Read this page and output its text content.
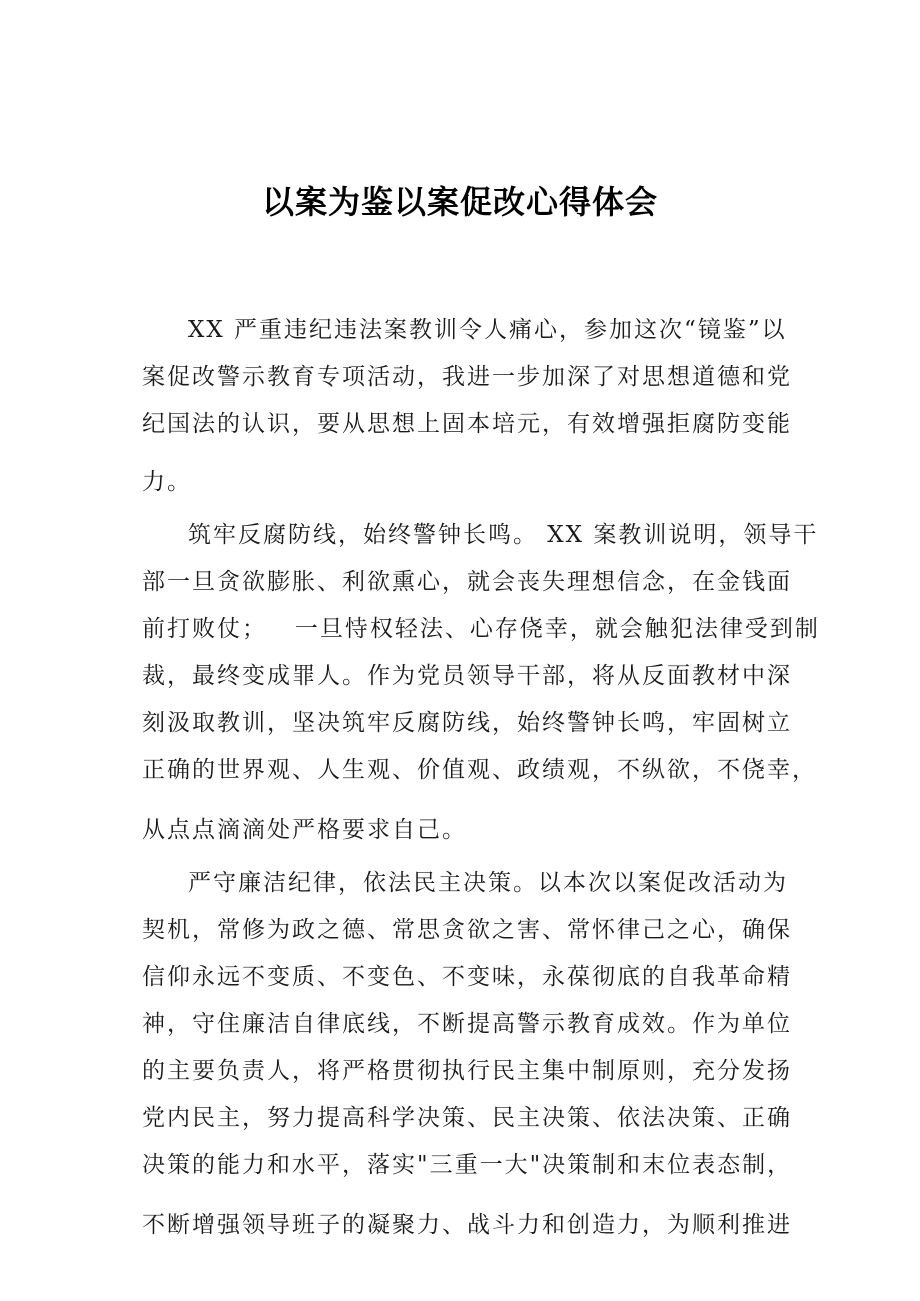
以案为鉴以案促改心得体会
XX 严重违纪违法案教训令人痛心，参加这次“镜鉴”以
案促改警示教育专项活动，我进一步加深了对思想道德和党
纪国法的认识，要从思想上固本培元，有效增强拒腐防变能
力。
筑牢反腐防线，始终警钟长鸣。 XX 案教训说明，领导干
部一旦贪欲膨胀、利欲熏心，就会丧失理想信念，在金钱面
前打败仗；   一旦恃权轻法、心存侥幸，就会触犯法律受到制
裁，最终变成罪人。作为党员领导干部，将从反面教材中深
刻汲取教训，坚决筑牢反腐防线，始终警钟长鸣，牢固树立
正确的世界观、人生观、价值观、政绩观，不纵欲，不侥幸，
从点点滴滴处严格要求自己。
严守廉洁纪律，依法民主决策。以本次以案促改活动为
契机，常修为政之德、常思贪欲之害、常怀律己之心，确保
信仰永远不变质、不变色、不变味，永葆彻底的自我革命精
神，守住廉洁自律底线，不断提高警示教育成效。作为单位
的主要负责人，将严格贯彻执行民主集中制原则，充分发扬
党内民主，努力提高科学决策、民主决策、依法决策、正确
决策的能力和水平，落实"三重一大"决策制和末位表态制，
不断增强领导班子的凝聚力、战斗力和创造力，为顺利推进
